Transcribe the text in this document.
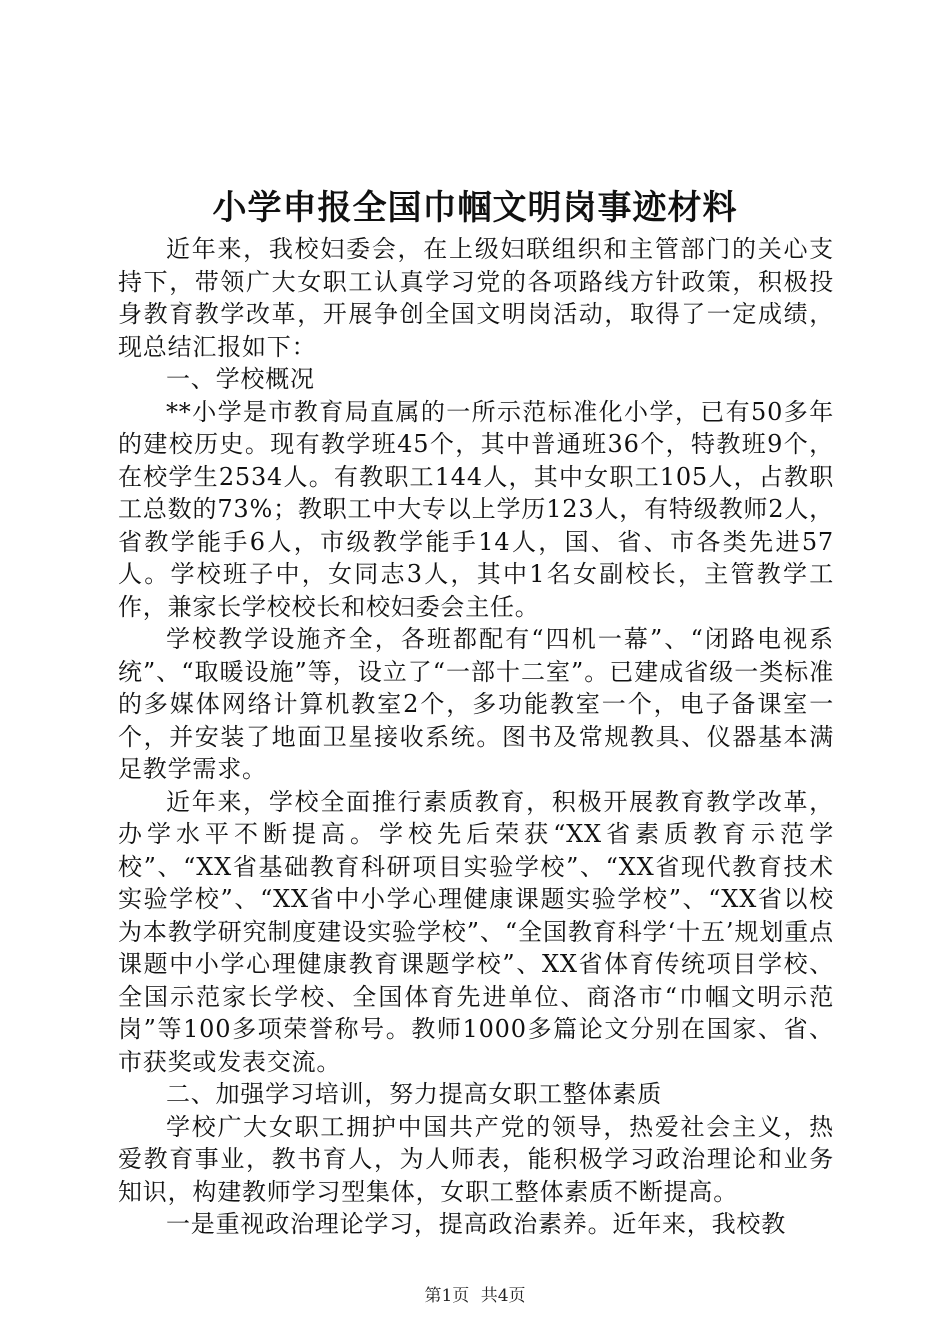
小学申报全国巾帼文明岗事迹材料

近年来，我校妇委会，在上级妇联组织和主管部门的关心支持下，带领广大女职工认真学习党的各项路线方针政策，积极投身教育教学改革，开展争创全国文明岗活动，取得了一定成绩，现总结汇报如下：

一、学校概况

**小学是市教育局直属的一所示范标准化小学，已有50多年的建校历史。现有教学班45个，其中普通班36个，特教班9个，在校学生2534人。有教职工144人，其中女职工105人，占教职工总数的73%；教职工中大专以上学历123人，有特级教师2人，省教学能手6人，市级教学能手14人，国、省、市各类先进57人。学校班子中，女同志3人，其中1名女副校长，主管教学工作，兼家长学校校长和校妇委会主任。

学校教学设施齐全，各班都配有“四机一幕”、“闭路电视系统”、“取暖设施”等，设立了“一部十二室”。已建成省级一类标准的多媒体网络计算机教室2个，多功能教室一个，电子备课室一个，并安装了地面卫星接收系统。图书及常规教具、仪器基本满足教学需求。

近年来，学校全面推行素质教育，积极开展教育教学改革，办学水平不断提高。学校先后荣获“XX省素质教育示范学校”、“XX省基础教育科研项目实验学校”、“XX省现代教育技术实验学校”、“XX省中小学心理健康课题实验学校”、“XX省以校为本教学研究制度建设实验学校”、“全国教育科学‘十五’规划重点课题中小学心理健康教育课题学校”、XX省体育传统项目学校、全国示范家长学校、全国体育先进单位、商洛市“巾帼文明示范岗”等100多项荣誉称号。教师1000多篇论文分别在国家、省、市获奖或发表交流。

二、加强学习培训，努力提高女职工整体素质

学校广大女职工拥护中国共产党的领导，热爱社会主义，热爱教育事业，教书育人，为人师表，能积极学习政治理论和业务知识，构建教师学习型集体，女职工整体素质不断提高。

一是重视政治理论学习，提高政治素养。近年来，我校教

第1页 共4页
